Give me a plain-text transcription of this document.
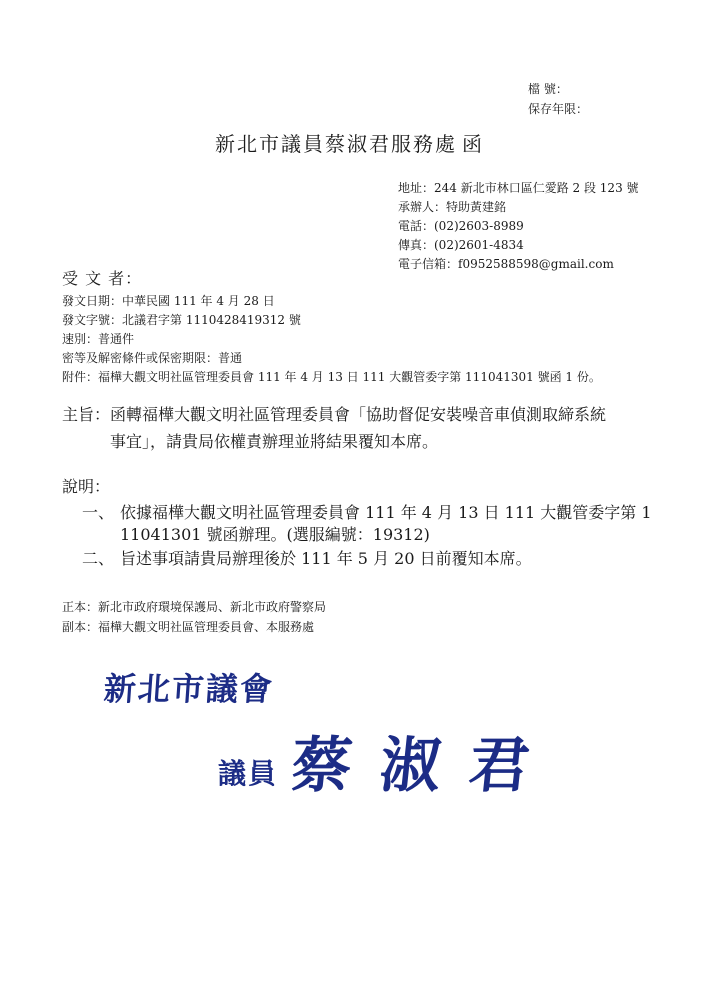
檔 號：
保存年限：
新北市議員蔡淑君服務處 函
地址：244 新北市林口區仁愛路 2 段 123 號
承辦人：特助黃建銘
電話：(02)2603-8989
傳真：(02)2601-4834
電子信箱：f0952588598@gmail.com
受 文 者：
發文日期：中華民國 111 年 4 月 28 日
發文字號：北議君字第 1110428419312 號
速別：普通件
密等及解密條件或保密期限：普通
附件：福樺大觀文明社區管理委員會 111 年 4 月 13 日 111 大觀管委字第 111041301 號函 1 份。
主旨：函轉福樺大觀文明社區管理委員會「協助督促安裝噪音車偵測取締系統
事宜」，請貴局依權責辦理並將結果覆知本席。
說明：
一、 依據福樺大觀文明社區管理委員會 111 年 4 月 13 日 111 大觀管委字第 1
11041301 號函辦理。(選服編號：19312)
二、 旨述事項請貴局辦理後於 111 年 5 月 20 日前覆知本席。
正本：新北市政府環境保護局、新北市政府警察局
副本：福樺大觀文明社區管理委員會、本服務處
新北市議會
議員 蔡 淑 君
